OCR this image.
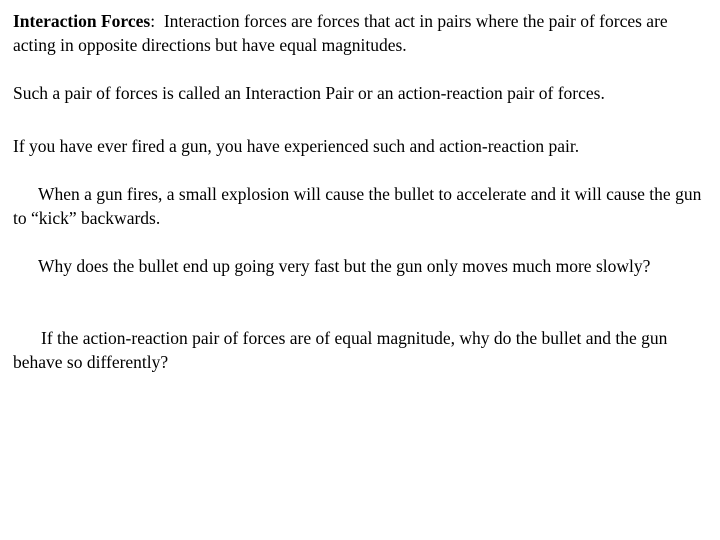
Interaction Forces:  Interaction forces are forces that act in pairs where the pair of forces are acting in opposite directions but have equal magnitudes.

Such a pair of forces is called an Interaction Pair or an action-reaction pair of forces.

If you have ever fired a gun, you have experienced such and action-reaction pair.

When a gun fires, a small explosion will cause the bullet to accelerate and it will cause the gun to “kick” backwards.

Why does the bullet end up going very fast but the gun only moves much more slowly?

If the action-reaction pair of forces are of equal magnitude, why do the bullet and the gun behave so differently?
